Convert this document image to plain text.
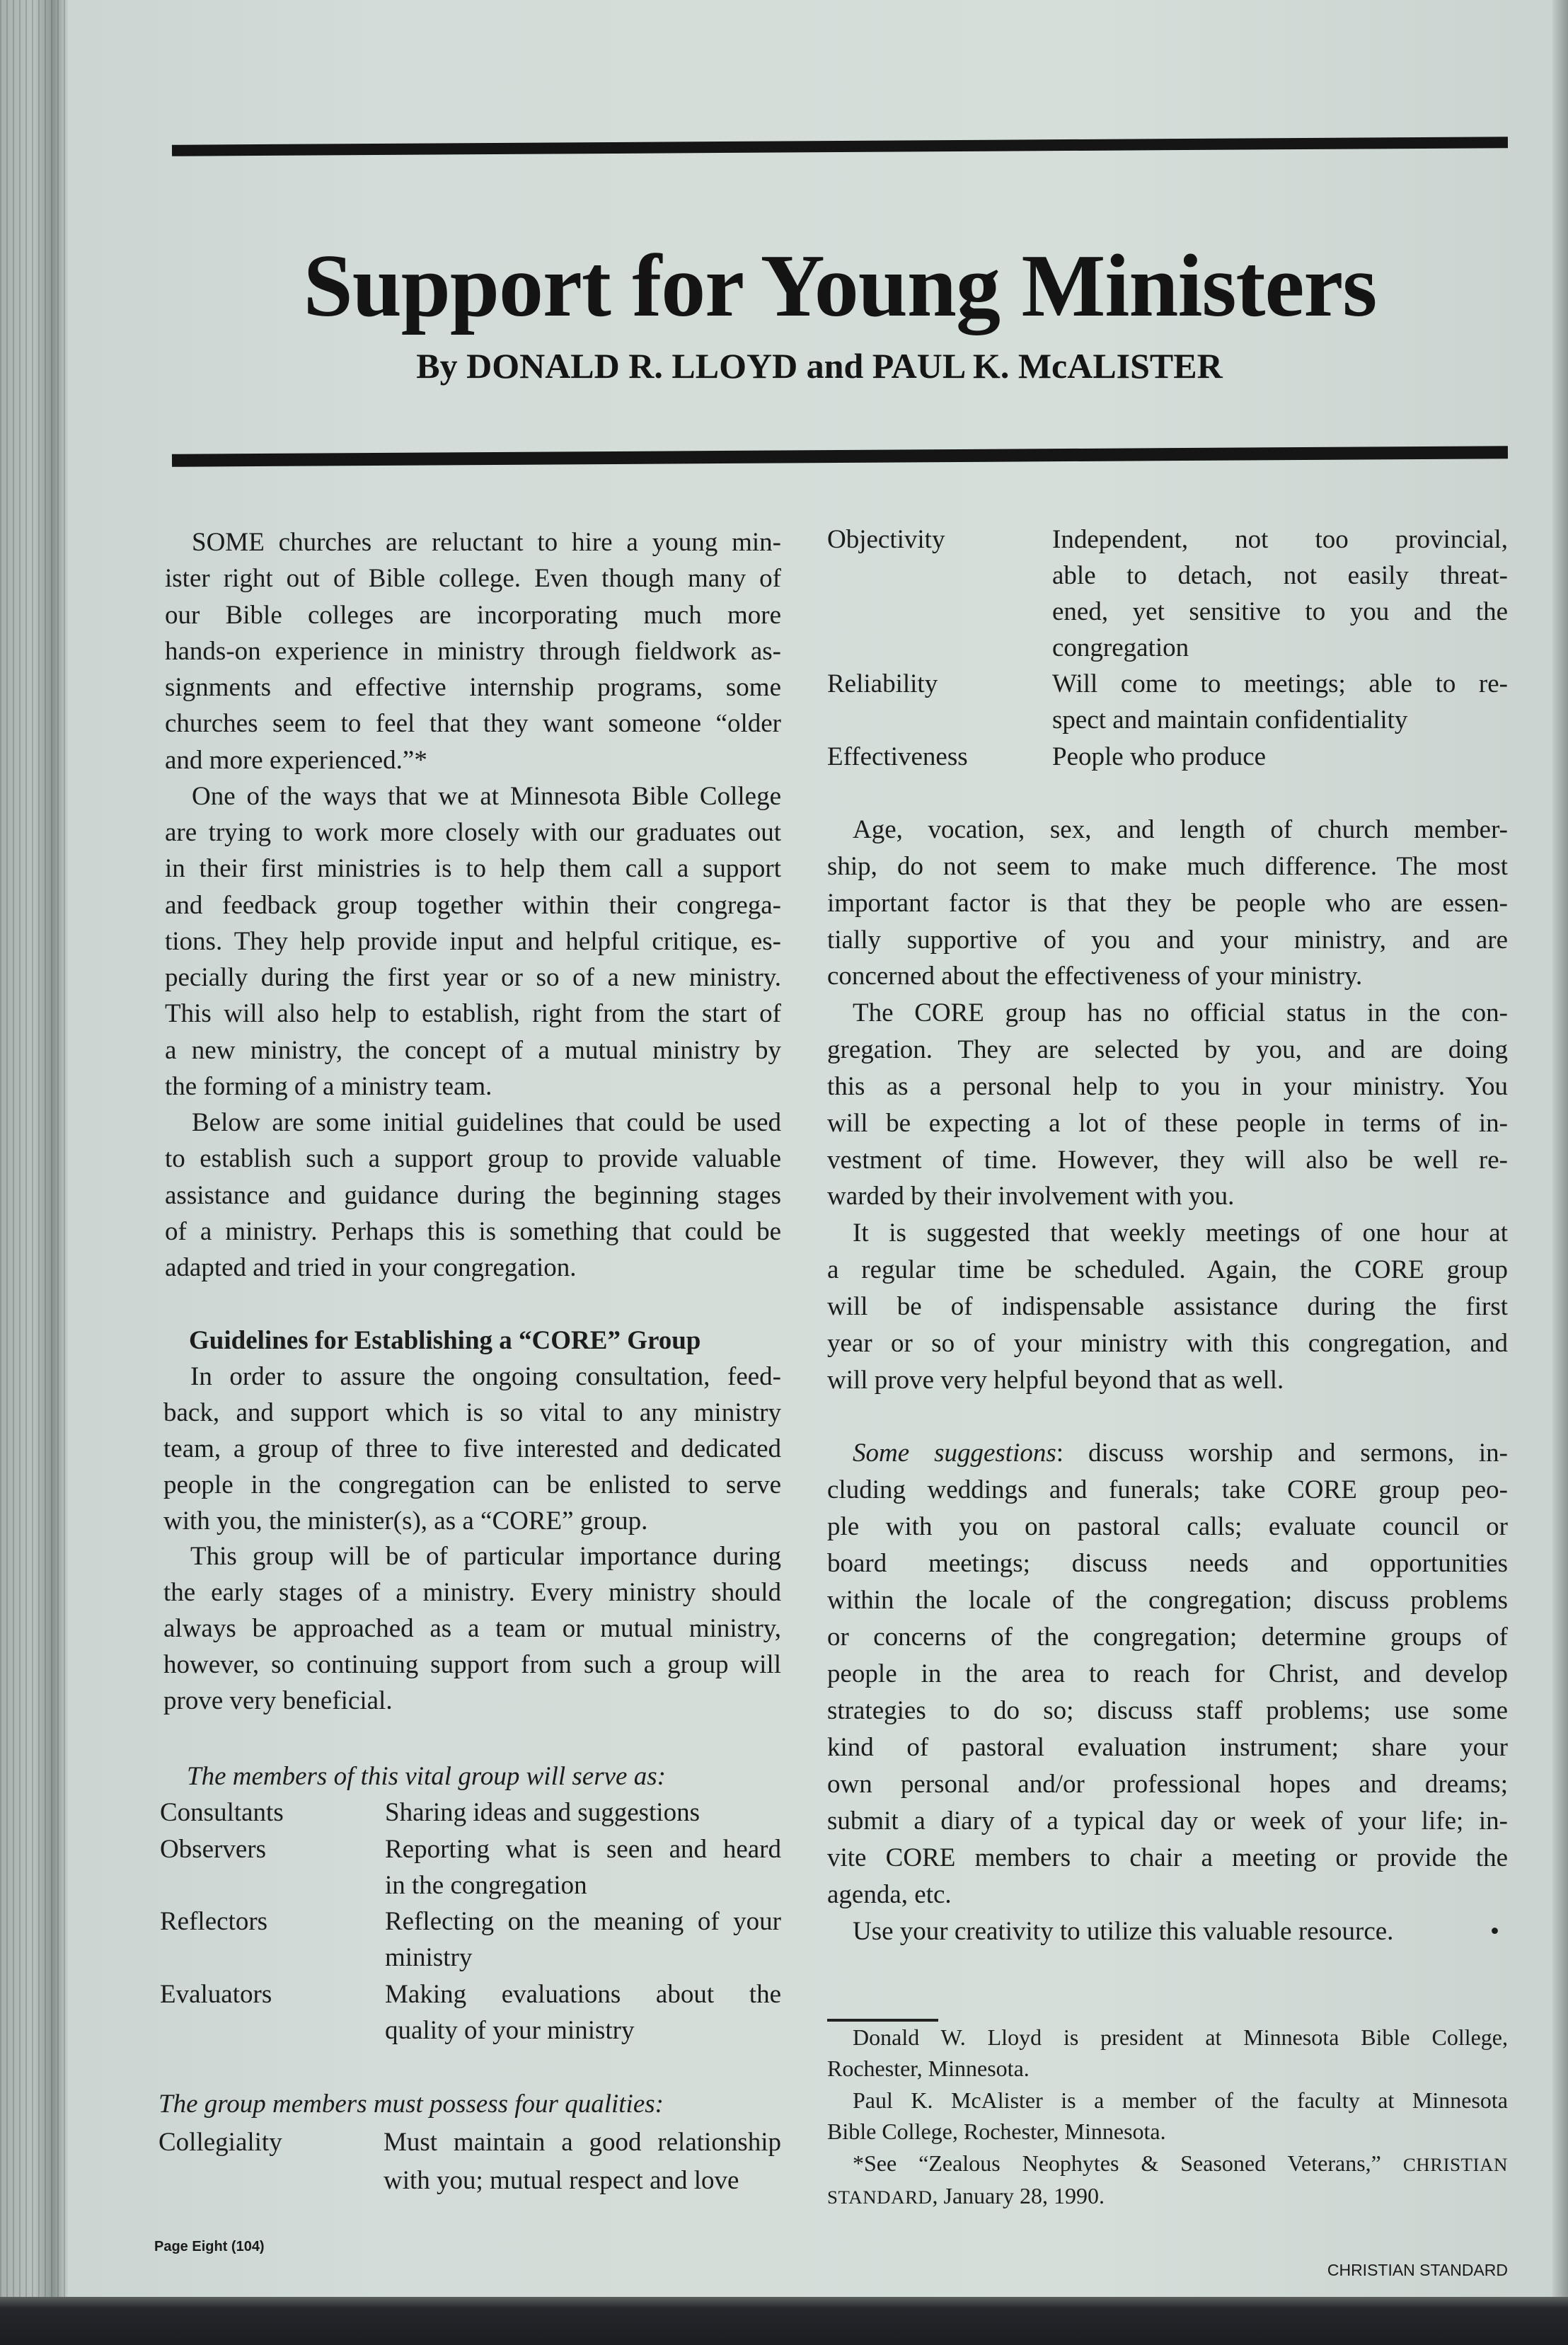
Support for Young Ministers
By DONALD R. LLOYD and PAUL K. McALISTER
SOME churches are reluctant to hire a young min-
ister right out of Bible college. Even though many of
our Bible colleges are incorporating much more
hands-on experience in ministry through fieldwork as-
signments and effective internship programs, some
churches seem to feel that they want someone “older
and more experienced.”*
One of the ways that we at Minnesota Bible College
are trying to work more closely with our graduates out
in their first ministries is to help them call a support
and feedback group together within their congrega-
tions. They help provide input and helpful critique, es-
pecially during the first year or so of a new ministry.
This will also help to establish, right from the start of
a new ministry, the concept of a mutual ministry by
the forming of a ministry team.
Below are some initial guidelines that could be used
to establish such a support group to provide valuable
assistance and guidance during the beginning stages
of a ministry. Perhaps this is something that could be
adapted and tried in your congregation.
Guidelines for Establishing a “CORE” Group
In order to assure the ongoing consultation, feed-
back, and support which is so vital to any ministry
team, a group of three to five interested and dedicated
people in the congregation can be enlisted to serve
with you, the minister(s), as a “CORE” group.
This group will be of particular importance during
the early stages of a ministry. Every ministry should
always be approached as a team or mutual ministry,
however, so continuing support from such a group will
prove very beneficial.
The members of this vital group will serve as:
Consultants	Sharing ideas and suggestions
Observers	Reporting what is seen and heard
in the congregation
Reflectors	Reflecting on the meaning of your
ministry
Evaluators	Making evaluations about the
quality of your ministry
The group members must possess four qualities:
Collegiality	Must maintain a good relationship
with you; mutual respect and love
Objectivity	Independent, not too provincial,
able to detach, not easily threat-
ened, yet sensitive to you and the
congregation
Reliability	Will come to meetings; able to re-
spect and maintain confidentiality
Effectiveness	People who produce
Age, vocation, sex, and length of church member-
ship, do not seem to make much difference. The most
important factor is that they be people who are essen-
tially supportive of you and your ministry, and are
concerned about the effectiveness of your ministry.
The CORE group has no official status in the con-
gregation. They are selected by you, and are doing
this as a personal help to you in your ministry. You
will be expecting a lot of these people in terms of in-
vestment of time. However, they will also be well re-
warded by their involvement with you.
It is suggested that weekly meetings of one hour at
a regular time be scheduled. Again, the CORE group
will be of indispensable assistance during the first
year or so of your ministry with this congregation, and
will prove very helpful beyond that as well.
Some suggestions: discuss worship and sermons, in-
cluding weddings and funerals; take CORE group peo-
ple with you on pastoral calls; evaluate council or
board meetings; discuss needs and opportunities
within the locale of the congregation; discuss problems
or concerns of the congregation; determine groups of
people in the area to reach for Christ, and develop
strategies to do so; discuss staff problems; use some
kind of pastoral evaluation instrument; share your
own personal and/or professional hopes and dreams;
submit a diary of a typical day or week of your life; in-
vite CORE members to chair a meeting or provide the
agenda, etc.
Use your creativity to utilize this valuable resource.	•
Donald W. Lloyd is president at Minnesota Bible College,
Rochester, Minnesota.
Paul K. McAlister is a member of the faculty at Minnesota
Bible College, Rochester, Minnesota.
*See “Zealous Neophytes & Seasoned Veterans,” CHRISTIAN
STANDARD, January 28, 1990.
Page Eight (104)
CHRISTIAN STANDARD
